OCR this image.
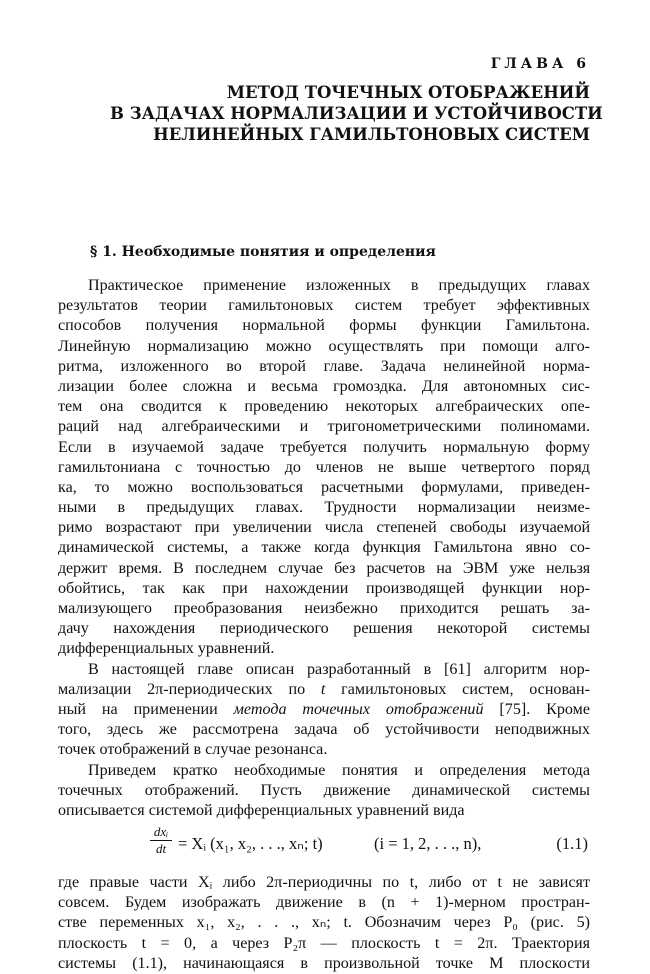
ГЛАВА 6
МЕТОД ТОЧЕЧНЫХ ОТОБРАЖЕНИЙ
В ЗАДАЧАХ НОРМАЛИЗАЦИИ И УСТОЙЧИВОСТИ
НЕЛИНЕЙНЫХ ГАМИЛЬТОНОВЫХ СИСТЕМ
§ 1. Необходимые понятия и определения
Практическое применение изложенных в предыдущих главах
результатов теории гамильтоновых систем требует эффективных
способов получения нормальной формы функции Гамильтона.
Линейную нормализацию можно осуществлять при помощи алго-
ритма, изложенного во второй главе. Задача нелинейной норма-
лизации более сложна и весьма громоздка. Для автономных сис-
тем она сводится к проведению некоторых алгебраических опе-
раций над алгебраическими и тригонометрическими полиномами.
Если в изучаемой задаче требуется получить нормальную форму
гамильтониана с точностью до членов не выше четвертого поряд
ка, то можно воспользоваться расчетными формулами, приведен-
ными в предыдущих главах. Трудности нормализации неизме-
римо возрастают при увеличении числа степеней свободы изучаемой
динамической системы, а также когда функция Гамильтона явно со-
держит время. В последнем случае без расчетов на ЭВМ уже нельзя
обойтись, так как при нахождении производящей функции нор-
мализующего преобразования неизбежно приходится решать за-
дачу нахождения периодического решения некоторой системы
дифференциальных уравнений.
В настоящей главе описан разработанный в [61] алгоритм нор-
мализации 2π-периодических по t гамильтоновых систем, основан-
ный на применении метода точечных отображений [75]. Кроме
того, здесь же рассмотрена задача об устойчивости неподвижных
точек отображений в случае резонанса.
Приведем кратко необходимые понятия и определения метода
точечных отображений. Пусть движение динамической системы
описывается системой дифференциальных уравнений вида
dxᵢ
dt = Xᵢ (x₁, x₂, . . ., xₙ; t)	(i = 1, 2, . . ., n),	(1.1)
где правые части Xᵢ либо 2π-периодичны по t, либо от t не зависят
совсем. Будем изображать движение в (n + 1)-мерном простран-
стве переменных x₁, x₂, . . ., xₙ; t. Обозначим через P₀ (рис. 5)
плоскость t = 0, а через P₂π — плоскость t = 2π. Траектория
системы (1.1), начинающаяся в произвольной точке M плоскости
